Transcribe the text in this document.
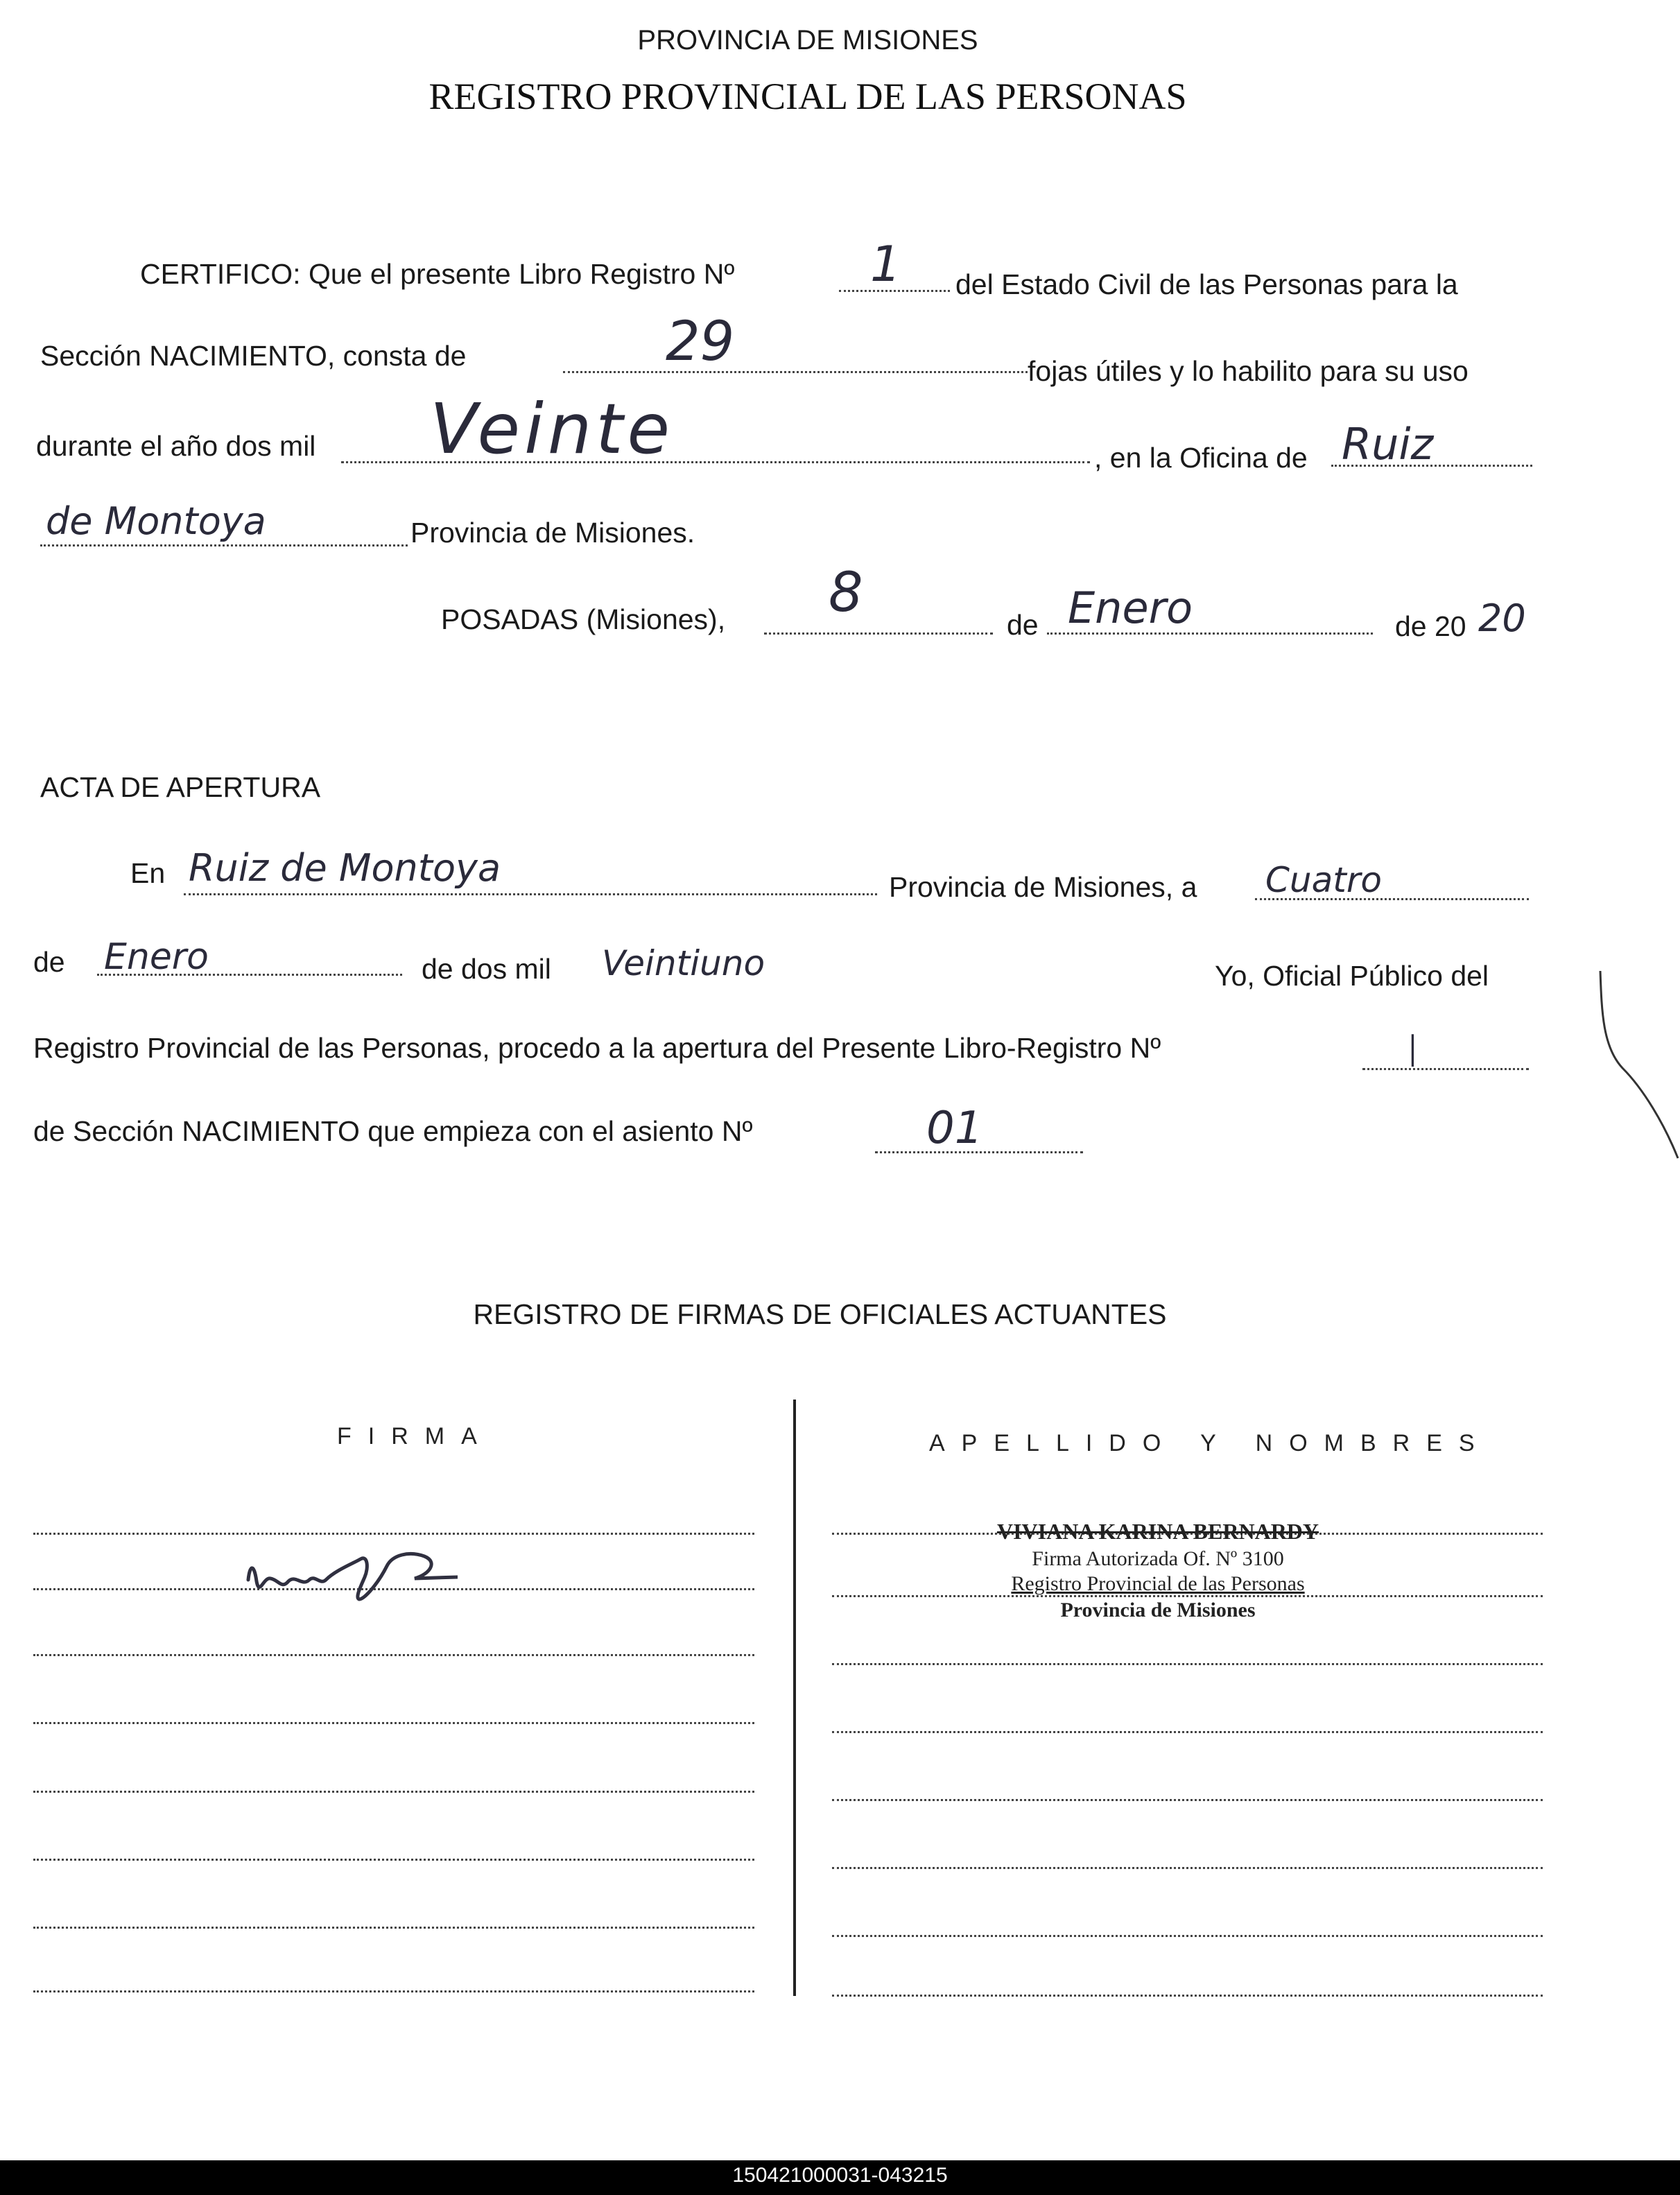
PROVINCIA DE MISIONES
REGISTRO PROVINCIAL DE LAS PERSONAS
CERTIFICO: Que el presente Libro Registro Nº	1 del Estado Civil de las Personas para la
Sección NACIMIENTO, consta de	29	fojas útiles y lo habilito para su uso
durante el año dos mil Veinte	, en la Oficina de Ruiz
de Montoya	Provincia de Misiones.
POSADAS (Misiones), 8
de Enero	de 20 20
ACTA DE APERTURA
En Ruiz de Montoya	Provincia de Misiones, a Cuatro
de Enero	de dos mil Veintiuno	Yo, Oficial Público del
Registro Provincial de las Personas, procedo a la apertura del Presente Libro-Registro Nº	I
de Sección NACIMIENTO que empieza con el asiento Nº	01
REGISTRO DE FIRMAS DE OFICIALES ACTUANTES
FIRMA	APELLIDO Y NOMBRES
VIVIANA KARINA BERNARDY
Firma Autorizada Of. Nº 3100
Registro Provincial de las Personas
Provincia de Misiones
150421000031-043215
